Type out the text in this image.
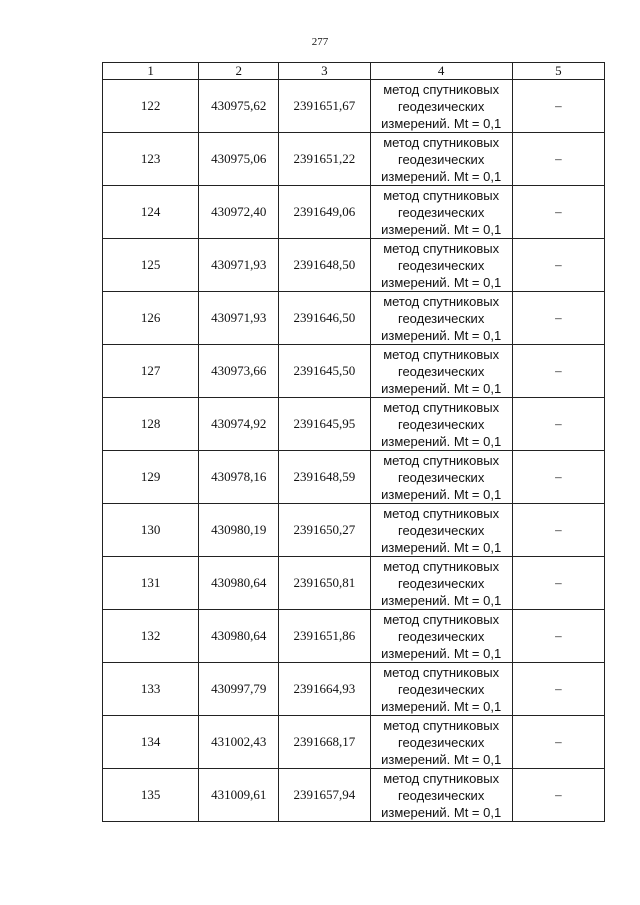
277
1	2	3	4	5
122	430975,62	2391651,67	метод спутниковых
геодезических
измерений. Mt = 0,1	–
123	430975,06	2391651,22	метод спутниковых
геодезических
измерений. Mt = 0,1	–
124	430972,40	2391649,06	метод спутниковых
геодезических
измерений. Mt = 0,1	–
125	430971,93	2391648,50	метод спутниковых
геодезических
измерений. Mt = 0,1	–
126	430971,93	2391646,50	метод спутниковых
геодезических
измерений. Mt = 0,1	–
127	430973,66	2391645,50	метод спутниковых
геодезических
измерений. Mt = 0,1	–
128	430974,92	2391645,95	метод спутниковых
геодезических
измерений. Mt = 0,1	–
129	430978,16	2391648,59	метод спутниковых
геодезических
измерений. Mt = 0,1	–
130	430980,19	2391650,27	метод спутниковых
геодезических
измерений. Mt = 0,1	–
131	430980,64	2391650,81	метод спутниковых
геодезических
измерений. Mt = 0,1	–
132	430980,64	2391651,86	метод спутниковых
геодезических
измерений. Mt = 0,1	–
133	430997,79	2391664,93	метод спутниковых
геодезических
измерений. Mt = 0,1	–
134	431002,43	2391668,17	метод спутниковых
геодезических
измерений. Mt = 0,1	–
135	431009,61	2391657,94	метод спутниковых
геодезических
измерений. Mt = 0,1	–
